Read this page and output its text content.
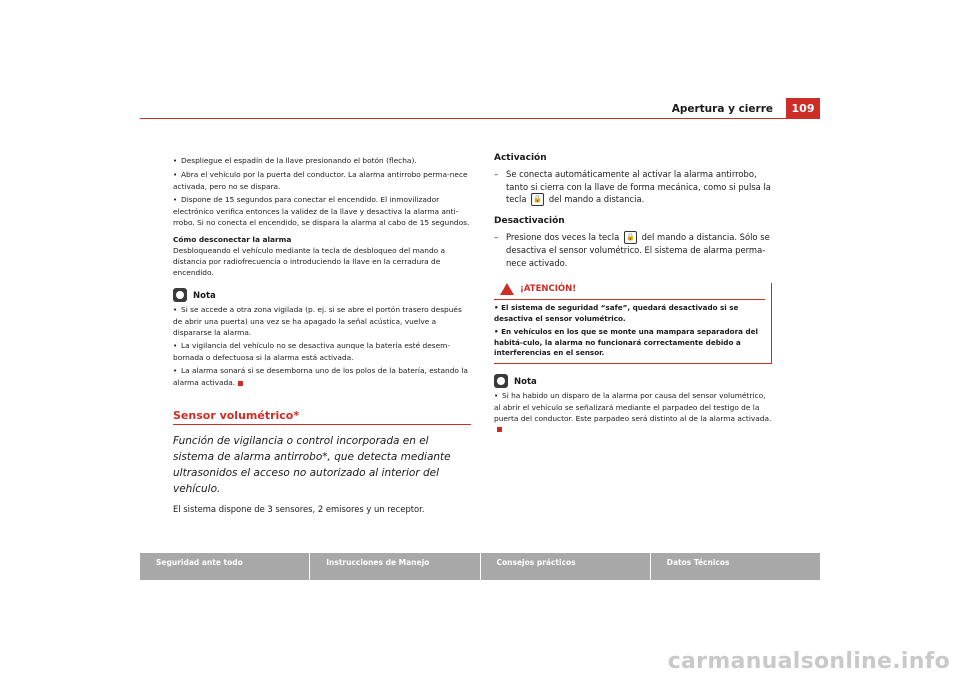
Apertura y cierre	109

• Despliegue el espadín de la llave presionando el botón (flecha).

• Abra el vehículo por la puerta del conductor. La alarma antirrobo perma-nece activada, pero no se dispara.

• Dispone de 15 segundos para conectar el encendido. El inmovilizador electrónico verifica entonces la validez de la llave y desactiva la alarma anti-rrobo. Si no conecta el encendido, se dispara la alarma al cabo de 15 segundos.

Cómo desconectar la alarma

Desbloqueando el vehículo mediante la tecla de desbloqueo del mando a distancia por radiofrecuencia o introduciendo la llave en la cerradura de encendido.

Nota

• Si se accede a otra zona vigilada (p. ej. si se abre el portón trasero después de abrir una puerta) una vez se ha apagado la señal acústica, vuelve a dispararse la alarma.

• La vigilancia del vehículo no se desactiva aunque la batería esté desem-bornada o defectuosa si la alarma está activada.

• La alarma sonará si se desemborna uno de los polos de la batería, estando la alarma activada.

Sensor volumétrico*

Función de vigilancia o control incorporada en el sistema de alarma antirrobo*, que detecta mediante ultrasonidos el acceso no autorizado al interior del vehículo.

El sistema dispone de 3 sensores, 2 emisores y un receptor.

Activación

– Se conecta automáticamente al activar la alarma antirrobo, tanto si cierra con la llave de forma mecánica, como si pulsa la tecla 🔒 del mando a distancia.

Desactivación

– Presione dos veces la tecla 🔒 del mando a distancia. Sólo se desactiva el sensor volumétrico. El sistema de alarma perma-nece activado.
¡ATENCIÓN!

• El sistema de seguridad “safe”, quedará desactivado si se desactiva el sensor volumétrico.

• En vehículos en los que se monte una mampara separadora del habitá-culo, la alarma no funcionará correctamente debido a interferencias en el sensor.

Nota

• Si ha habido un disparo de la alarma por causa del sensor volumétrico, al abrir el vehículo se señalizará mediante el parpadeo del testigo de la puerta del conductor. Este parpadeo será distinto al de la alarma activada.

Seguridad ante todo	Instrucciones de Manejo	Consejos prácticos	Datos Técnicos
carmanualsonline.info
